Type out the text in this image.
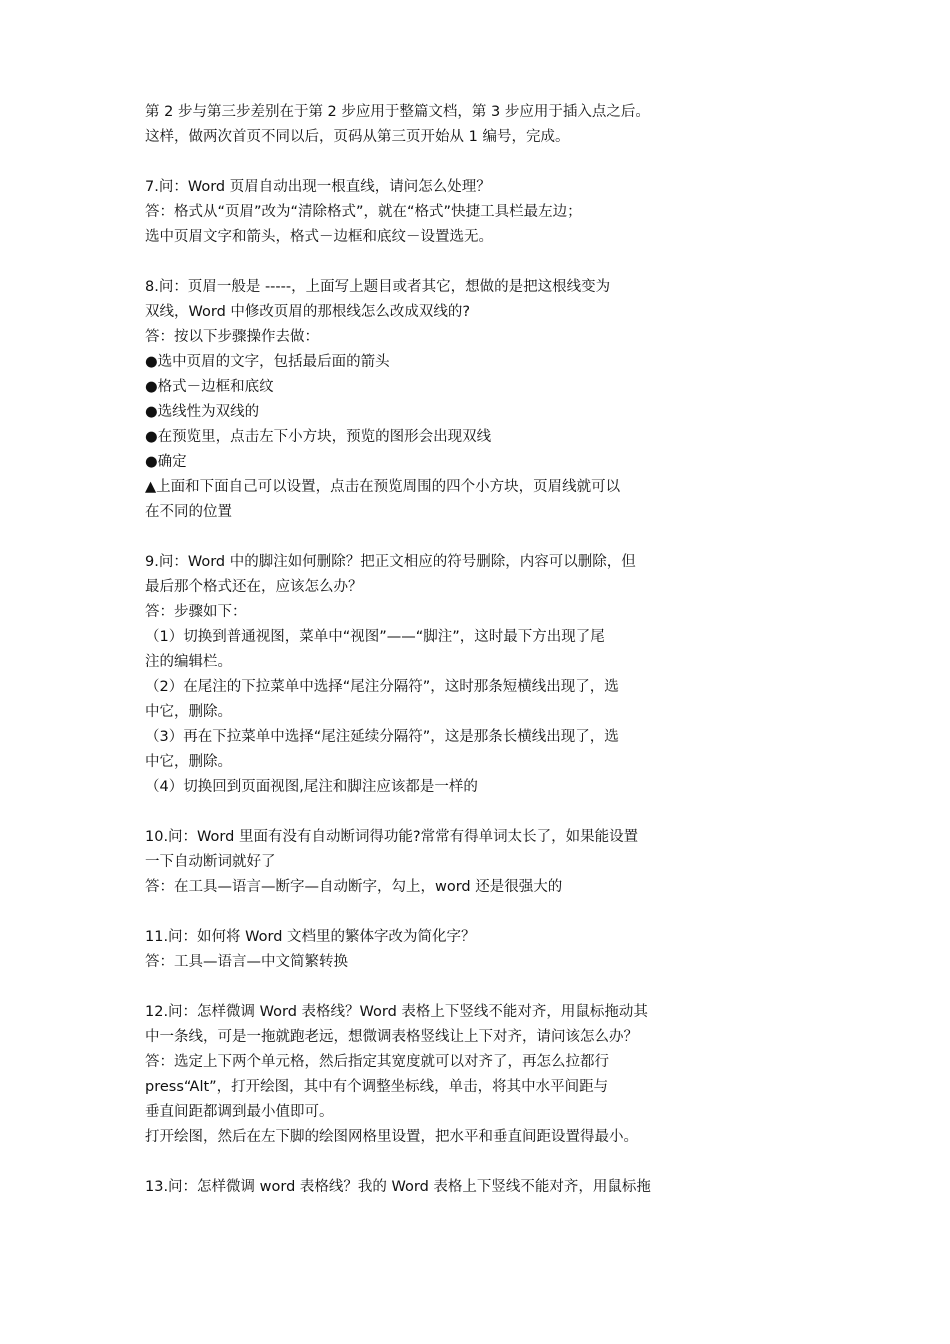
第 2 步与第三步差别在于第 2 步应用于整篇文档，第 3 步应用于插入点之后。
这样，做两次首页不同以后，页码从第三页开始从 1 编号，完成。
7.问：Word 页眉自动出现一根直线，请问怎么处理？
答：格式从“页眉”改为“清除格式”，就在“格式”快捷工具栏最左边；
选中页眉文字和箭头，格式－边框和底纹－设置选无。
8.问：页眉一般是 -----，上面写上题目或者其它，想做的是把这根线变为
双线，Word 中修改页眉的那根线怎么改成双线的?
答：按以下步骤操作去做：
●选中页眉的文字，包括最后面的箭头
●格式－边框和底纹
●选线性为双线的
●在预览里，点击左下小方块，预览的图形会出现双线
●确定
▲上面和下面自己可以设置，点击在预览周围的四个小方块，页眉线就可以
在不同的位置
9.问：Word 中的脚注如何删除？把正文相应的符号删除，内容可以删除，但
最后那个格式还在，应该怎么办？
答：步骤如下：
（1）切换到普通视图，菜单中“视图”——“脚注”，这时最下方出现了尾
注的编辑栏。
（2）在尾注的下拉菜单中选择“尾注分隔符”，这时那条短横线出现了，选
中它，删除。
（3）再在下拉菜单中选择“尾注延续分隔符”，这是那条长横线出现了，选
中它，删除。
（4）切换回到页面视图,尾注和脚注应该都是一样的
10.问：Word 里面有没有自动断词得功能?常常有得单词太长了，如果能设置
一下自动断词就好了
答：在工具—语言—断字—自动断字，勾上，word 还是很强大的
11.问：如何将 Word 文档里的繁体字改为简化字？
答：工具—语言—中文简繁转换
12.问：怎样微调 Word 表格线？Word 表格上下竖线不能对齐，用鼠标拖动其
中一条线，可是一拖就跑老远，想微调表格竖线让上下对齐，请问该怎么办？
答：选定上下两个单元格，然后指定其宽度就可以对齐了，再怎么拉都行
press“Alt”，打开绘图，其中有个调整坐标线，单击，将其中水平间距与
垂直间距都调到最小值即可。
打开绘图，然后在左下脚的绘图网格里设置，把水平和垂直间距设置得最小。
13.问：怎样微调 word 表格线？我的 Word 表格上下竖线不能对齐，用鼠标拖
